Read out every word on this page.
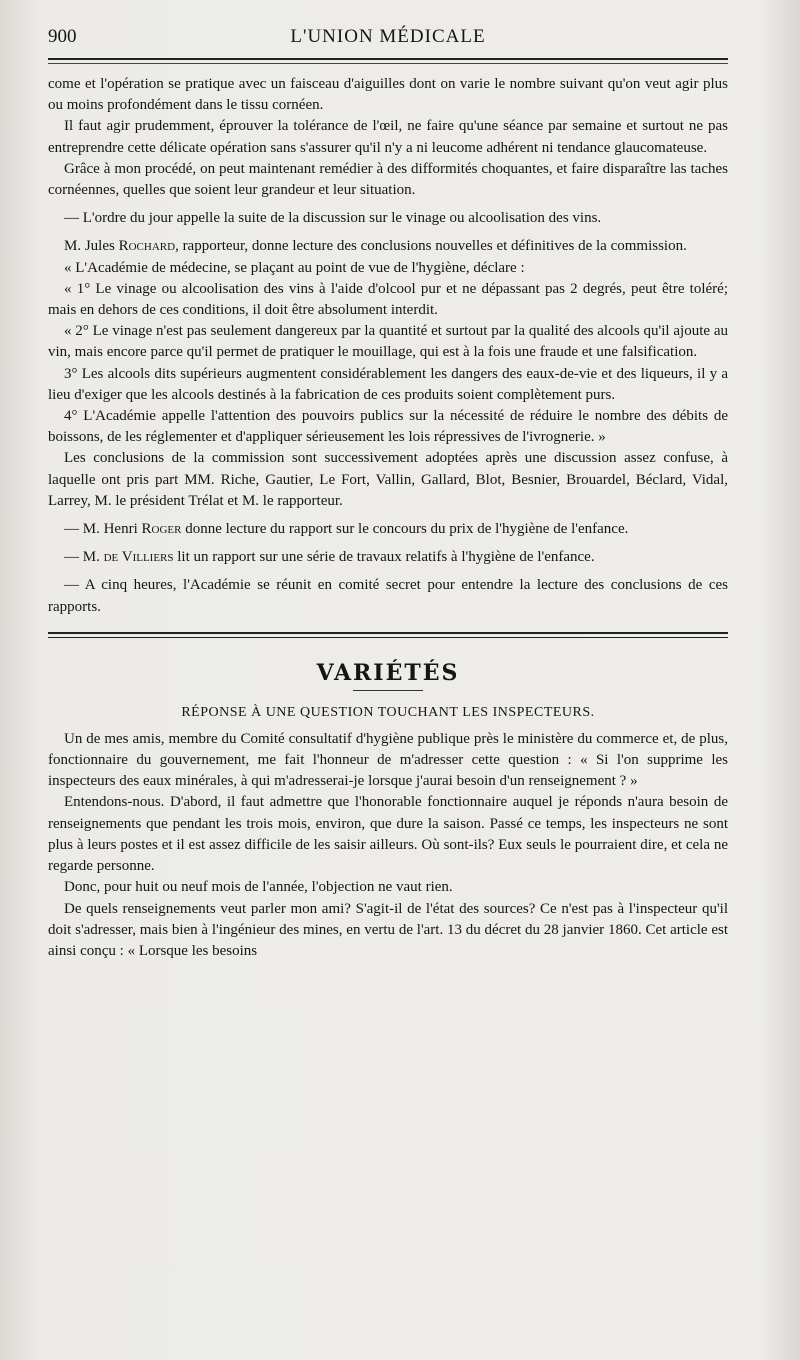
900	L'UNION MÉDICALE

come et l'opération se pratique avec un faisceau d'aiguilles dont on varie le nombre suivant qu'on veut agir plus ou moins profondément dans le tissu cornéen.

Il faut agir prudemment, éprouver la tolérance de l'œil, ne faire qu'une séance par semaine et surtout ne pas entreprendre cette délicate opération sans s'assurer qu'il n'y a ni leucome adhérent ni tendance glaucomateuse.

Grâce à mon procédé, on peut maintenant remédier à des difformités choquantes, et faire disparaître las taches cornéennes, quelles que soient leur grandeur et leur situation.

— L'ordre du jour appelle la suite de la discussion sur le vinage ou alcoolisation des vins.

M. Jules Rochard, rapporteur, donne lecture des conclusions nouvelles et définitives de la commission.

« L'Académie de médecine, se plaçant au point de vue de l'hygiène, déclare :

« 1° Le vinage ou alcoolisation des vins à l'aide d'olcool pur et ne dépassant pas 2 degrés, peut être toléré; mais en dehors de ces conditions, il doit être absolument interdit.

« 2° Le vinage n'est pas seulement dangereux par la quantité et surtout par la qualité des alcools qu'il ajoute au vin, mais encore parce qu'il permet de pratiquer le mouillage, qui est à la fois une fraude et une falsification.

3° Les alcools dits supérieurs augmentent considérablement les dangers des eaux-de-vie et des liqueurs, il y a lieu d'exiger que les alcools destinés à la fabrication de ces produits soient complètement purs.

4° L'Académie appelle l'attention des pouvoirs publics sur la nécessité de réduire le nombre des débits de boissons, de les réglementer et d'appliquer sérieusement les lois répressives de l'ivrognerie. »

Les conclusions de la commission sont successivement adoptées après une discussion assez confuse, à laquelle ont pris part MM. Riche, Gautier, Le Fort, Vallin, Gallard, Blot, Besnier, Brouardel, Béclard, Vidal, Larrey, M. le président Trélat et M. le rapporteur.

— M. Henri Roger donne lecture du rapport sur le concours du prix de l'hygiène de l'enfance.

— M. de Villiers lit un rapport sur une série de travaux relatifs à l'hygiène de l'enfance.

— A cinq heures, l'Académie se réunit en comité secret pour entendre la lecture des conclusions de ces rapports.

VARIÉTÉS
RÉPONSE À UNE QUESTION TOUCHANT LES INSPECTEURS.

Un de mes amis, membre du Comité consultatif d'hygiène publique près le ministère du commerce et, de plus, fonctionnaire du gouvernement, me fait l'honneur de m'adresser cette question : « Si l'on supprime les inspecteurs des eaux minérales, à qui m'adresserai-je lorsque j'aurai besoin d'un renseignement ? »

Entendons-nous. D'abord, il faut admettre que l'honorable fonctionnaire auquel je réponds n'aura besoin de renseignements que pendant les trois mois, environ, que dure la saison. Passé ce temps, les inspecteurs ne sont plus à leurs postes et il est assez difficile de les saisir ailleurs. Où sont-ils? Eux seuls le pourraient dire, et cela ne regarde personne.

Donc, pour huit ou neuf mois de l'année, l'objection ne vaut rien.

De quels renseignements veut parler mon ami? S'agit-il de l'état des sources? Ce n'est pas à l'inspecteur qu'il doit s'adresser, mais bien à l'ingénieur des mines, en vertu de l'art. 13 du décret du 28 janvier 1860. Cet article est ainsi conçu : « Lorsque les besoins
